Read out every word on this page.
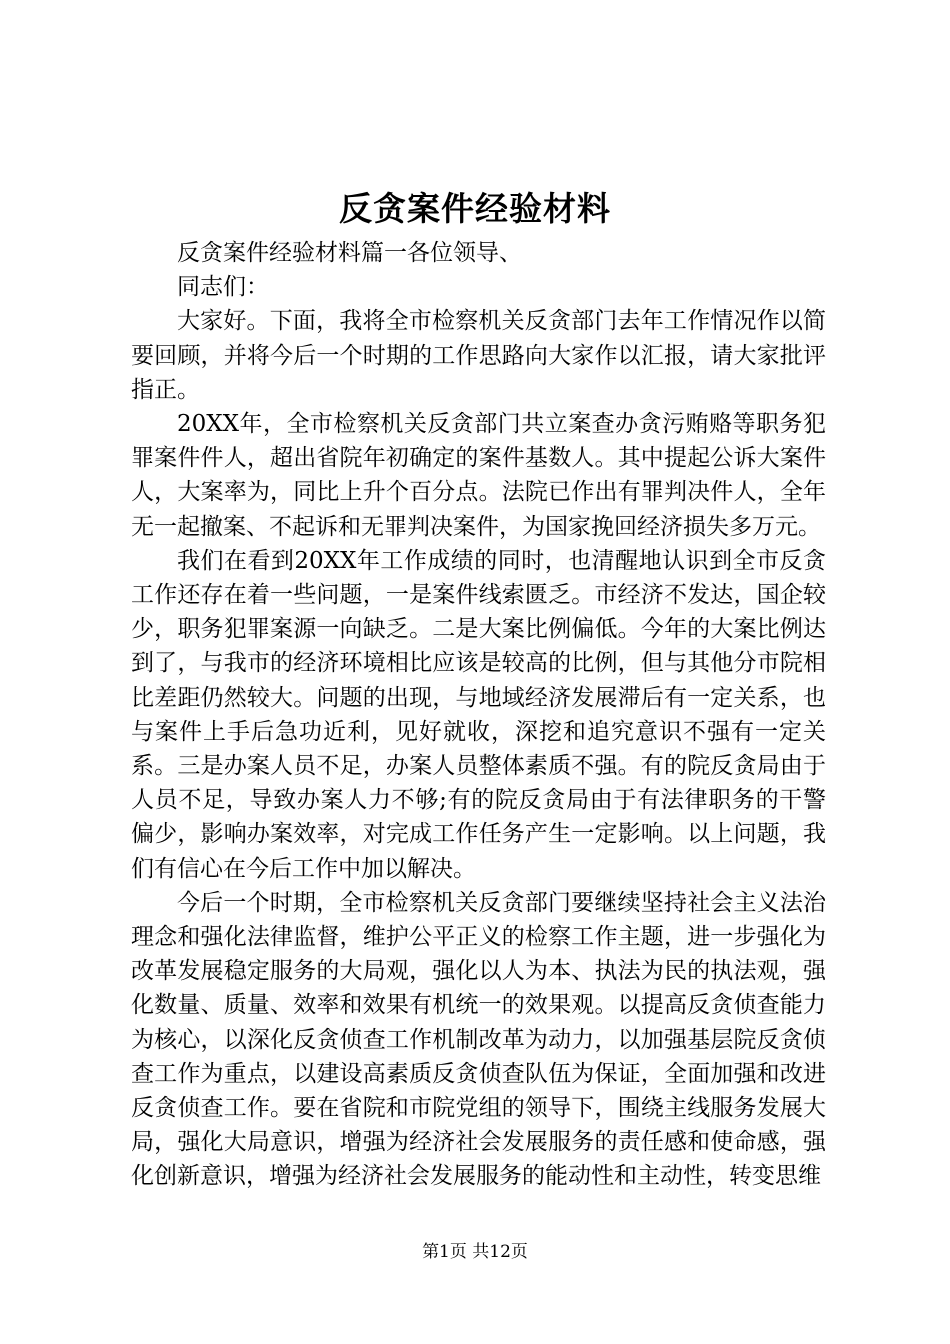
反贪案件经验材料

反贪案件经验材料篇一各位领导、

同志们：

大家好。下面，我将全市检察机关反贪部门去年工作情况作以简要回顾，并将今后一个时期的工作思路向大家作以汇报，请大家批评指正。

20XX年，全市检察机关反贪部门共立案查办贪污贿赂等职务犯罪案件件人，超出省院年初确定的案件基数人。其中提起公诉大案件人，大案率为，同比上升个百分点。法院已作出有罪判决件人，全年无一起撤案、不起诉和无罪判决案件，为国家挽回经济损失多万元。

我们在看到20XX年工作成绩的同时，也清醒地认识到全市反贪工作还存在着一些问题，一是案件线索匮乏。市经济不发达，国企较少，职务犯罪案源一向缺乏。二是大案比例偏低。今年的大案比例达到了，与我市的经济环境相比应该是较高的比例，但与其他分市院相比差距仍然较大。问题的出现，与地域经济发展滞后有一定关系，也与案件上手后急功近利，见好就收，深挖和追究意识不强有一定关系。三是办案人员不足，办案人员整体素质不强。有的院反贪局由于人员不足，导致办案人力不够;有的院反贪局由于有法律职务的干警偏少，影响办案效率，对完成工作任务产生一定影响。以上问题，我们有信心在今后工作中加以解决。

今后一个时期，全市检察机关反贪部门要继续坚持社会主义法治理念和强化法律监督，维护公平正义的检察工作主题，进一步强化为改革发展稳定服务的大局观，强化以人为本、执法为民的执法观，强化数量、质量、效率和效果有机统一的效果观。以提高反贪侦查能力为核心，以深化反贪侦查工作机制改革为动力，以加强基层院反贪侦查工作为重点，以建设高素质反贪侦查队伍为保证，全面加强和改进反贪侦查工作。要在省院和市院党组的领导下，围绕主线服务发展大局，强化大局意识，增强为经济社会发展服务的责任感和使命感，强化创新意识，增强为经济社会发展服务的能动性和主动性，转变思维

第1页 共12页
